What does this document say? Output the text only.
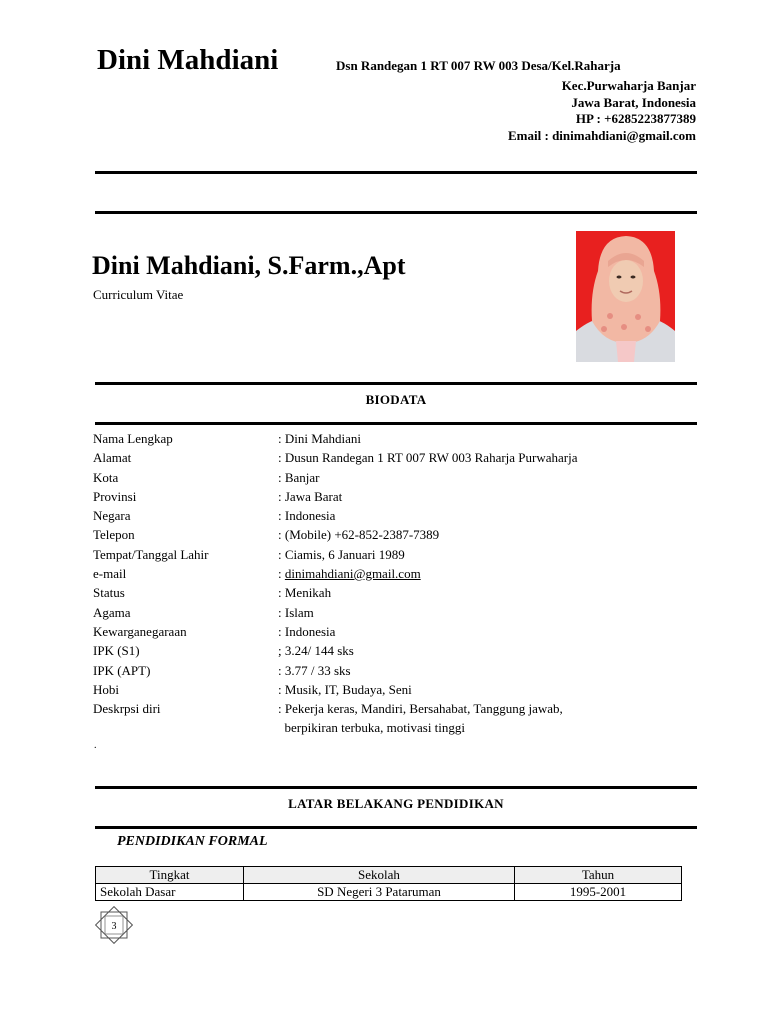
Dini Mahdiani	Dsn Randegan 1 RT 007 RW 003 Desa/Kel.Raharja
Kec.Purwaharja Banjar
Jawa Barat, Indonesia
HP : +6285223877389
Email : dinimahdiani@gmail.com
Dini Mahdiani, S.Farm.,Apt
Curriculum Vitae
BIODATA
Nama Lengkap	: Dini Mahdiani
Alamat	: Dusun Randegan 1 RT 007 RW 003 Raharja Purwaharja
Kota	: Banjar
Provinsi	: Jawa Barat
Negara	: Indonesia
Telepon	: (Mobile) +62-852-2387-7389
Tempat/Tanggal Lahir	: Ciamis, 6 Januari 1989
e-mail	: dinimahdiani@gmail.com
Status	: Menikah
Agama	: Islam
Kewarganegaraan	: Indonesia
IPK (S1)	; 3.24/ 144 sks
IPK (APT)	: 3.77 / 33 sks
Hobi	: Musik, IT, Budaya, Seni
Deskrpsi diri	: Pekerja keras, Mandiri, Bersahabat, Tanggung jawab,
berpikiran terbuka, motivasi tinggi
.
LATAR BELAKANG PENDIDIKAN
PENDIDIKAN FORMAL
Tingkat	Sekolah	Tahun
Sekolah Dasar	SD Negeri 3 Pataruman	1995-2001
3
